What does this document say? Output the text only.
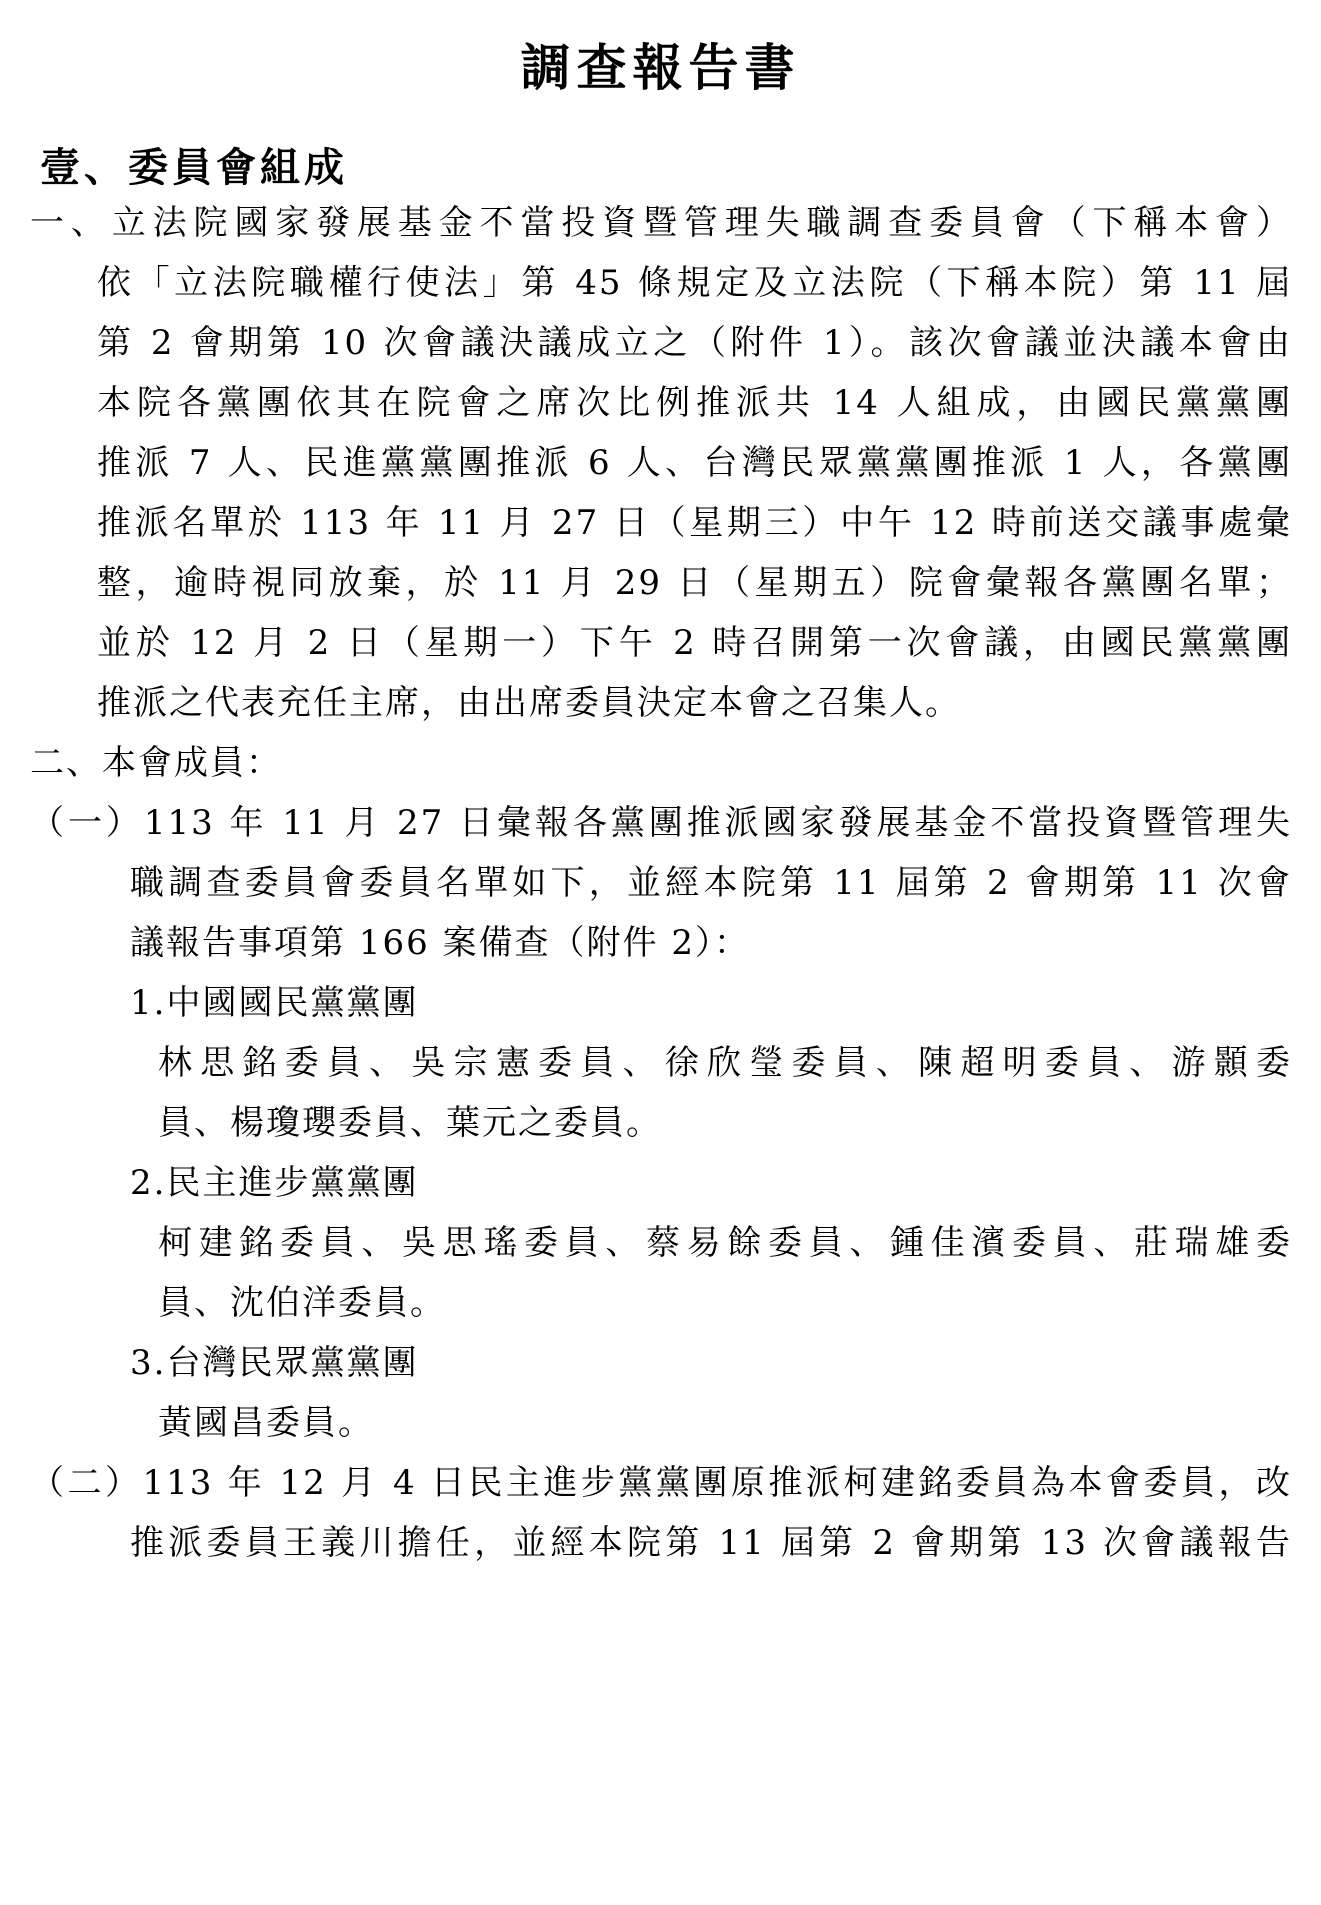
調查報告書
壹、委員會組成
一、立法院國家發展基金不當投資暨管理失職調查委員會（下稱本會）
依「立法院職權行使法」第 45 條規定及立法院（下稱本院）第 11 屆
第 2 會期第 10 次會議決議成立之（附件 1）。該次會議並決議本會由
本院各黨團依其在院會之席次比例推派共 14 人組成，由國民黨黨團
推派 7 人、民進黨黨團推派 6 人、台灣民眾黨黨團推派 1 人，各黨團
推派名單於 113 年 11 月 27 日（星期三）中午 12 時前送交議事處彙
整，逾時視同放棄，於 11 月 29 日（星期五）院會彙報各黨團名單；
並於 12 月 2 日（星期一）下午 2 時召開第一次會議，由國民黨黨團
推派之代表充任主席，由出席委員決定本會之召集人。
二、本會成員：
（一）113 年 11 月 27 日彙報各黨團推派國家發展基金不當投資暨管理失
職調查委員會委員名單如下，並經本院第 11 屆第 2 會期第 11 次會
議報告事項第 166 案備查（附件 2）：
1.中國國民黨黨團
林思銘委員、吳宗憲委員、徐欣瑩委員、陳超明委員、游顥委
員、楊瓊瓔委員、葉元之委員。
2.民主進步黨黨團
柯建銘委員、吳思瑤委員、蔡易餘委員、鍾佳濱委員、莊瑞雄委
員、沈伯洋委員。
3.台灣民眾黨黨團
黃國昌委員。
（二）113 年 12 月 4 日民主進步黨黨團原推派柯建銘委員為本會委員，改
推派委員王義川擔任，並經本院第 11 屆第 2 會期第 13 次會議報告
